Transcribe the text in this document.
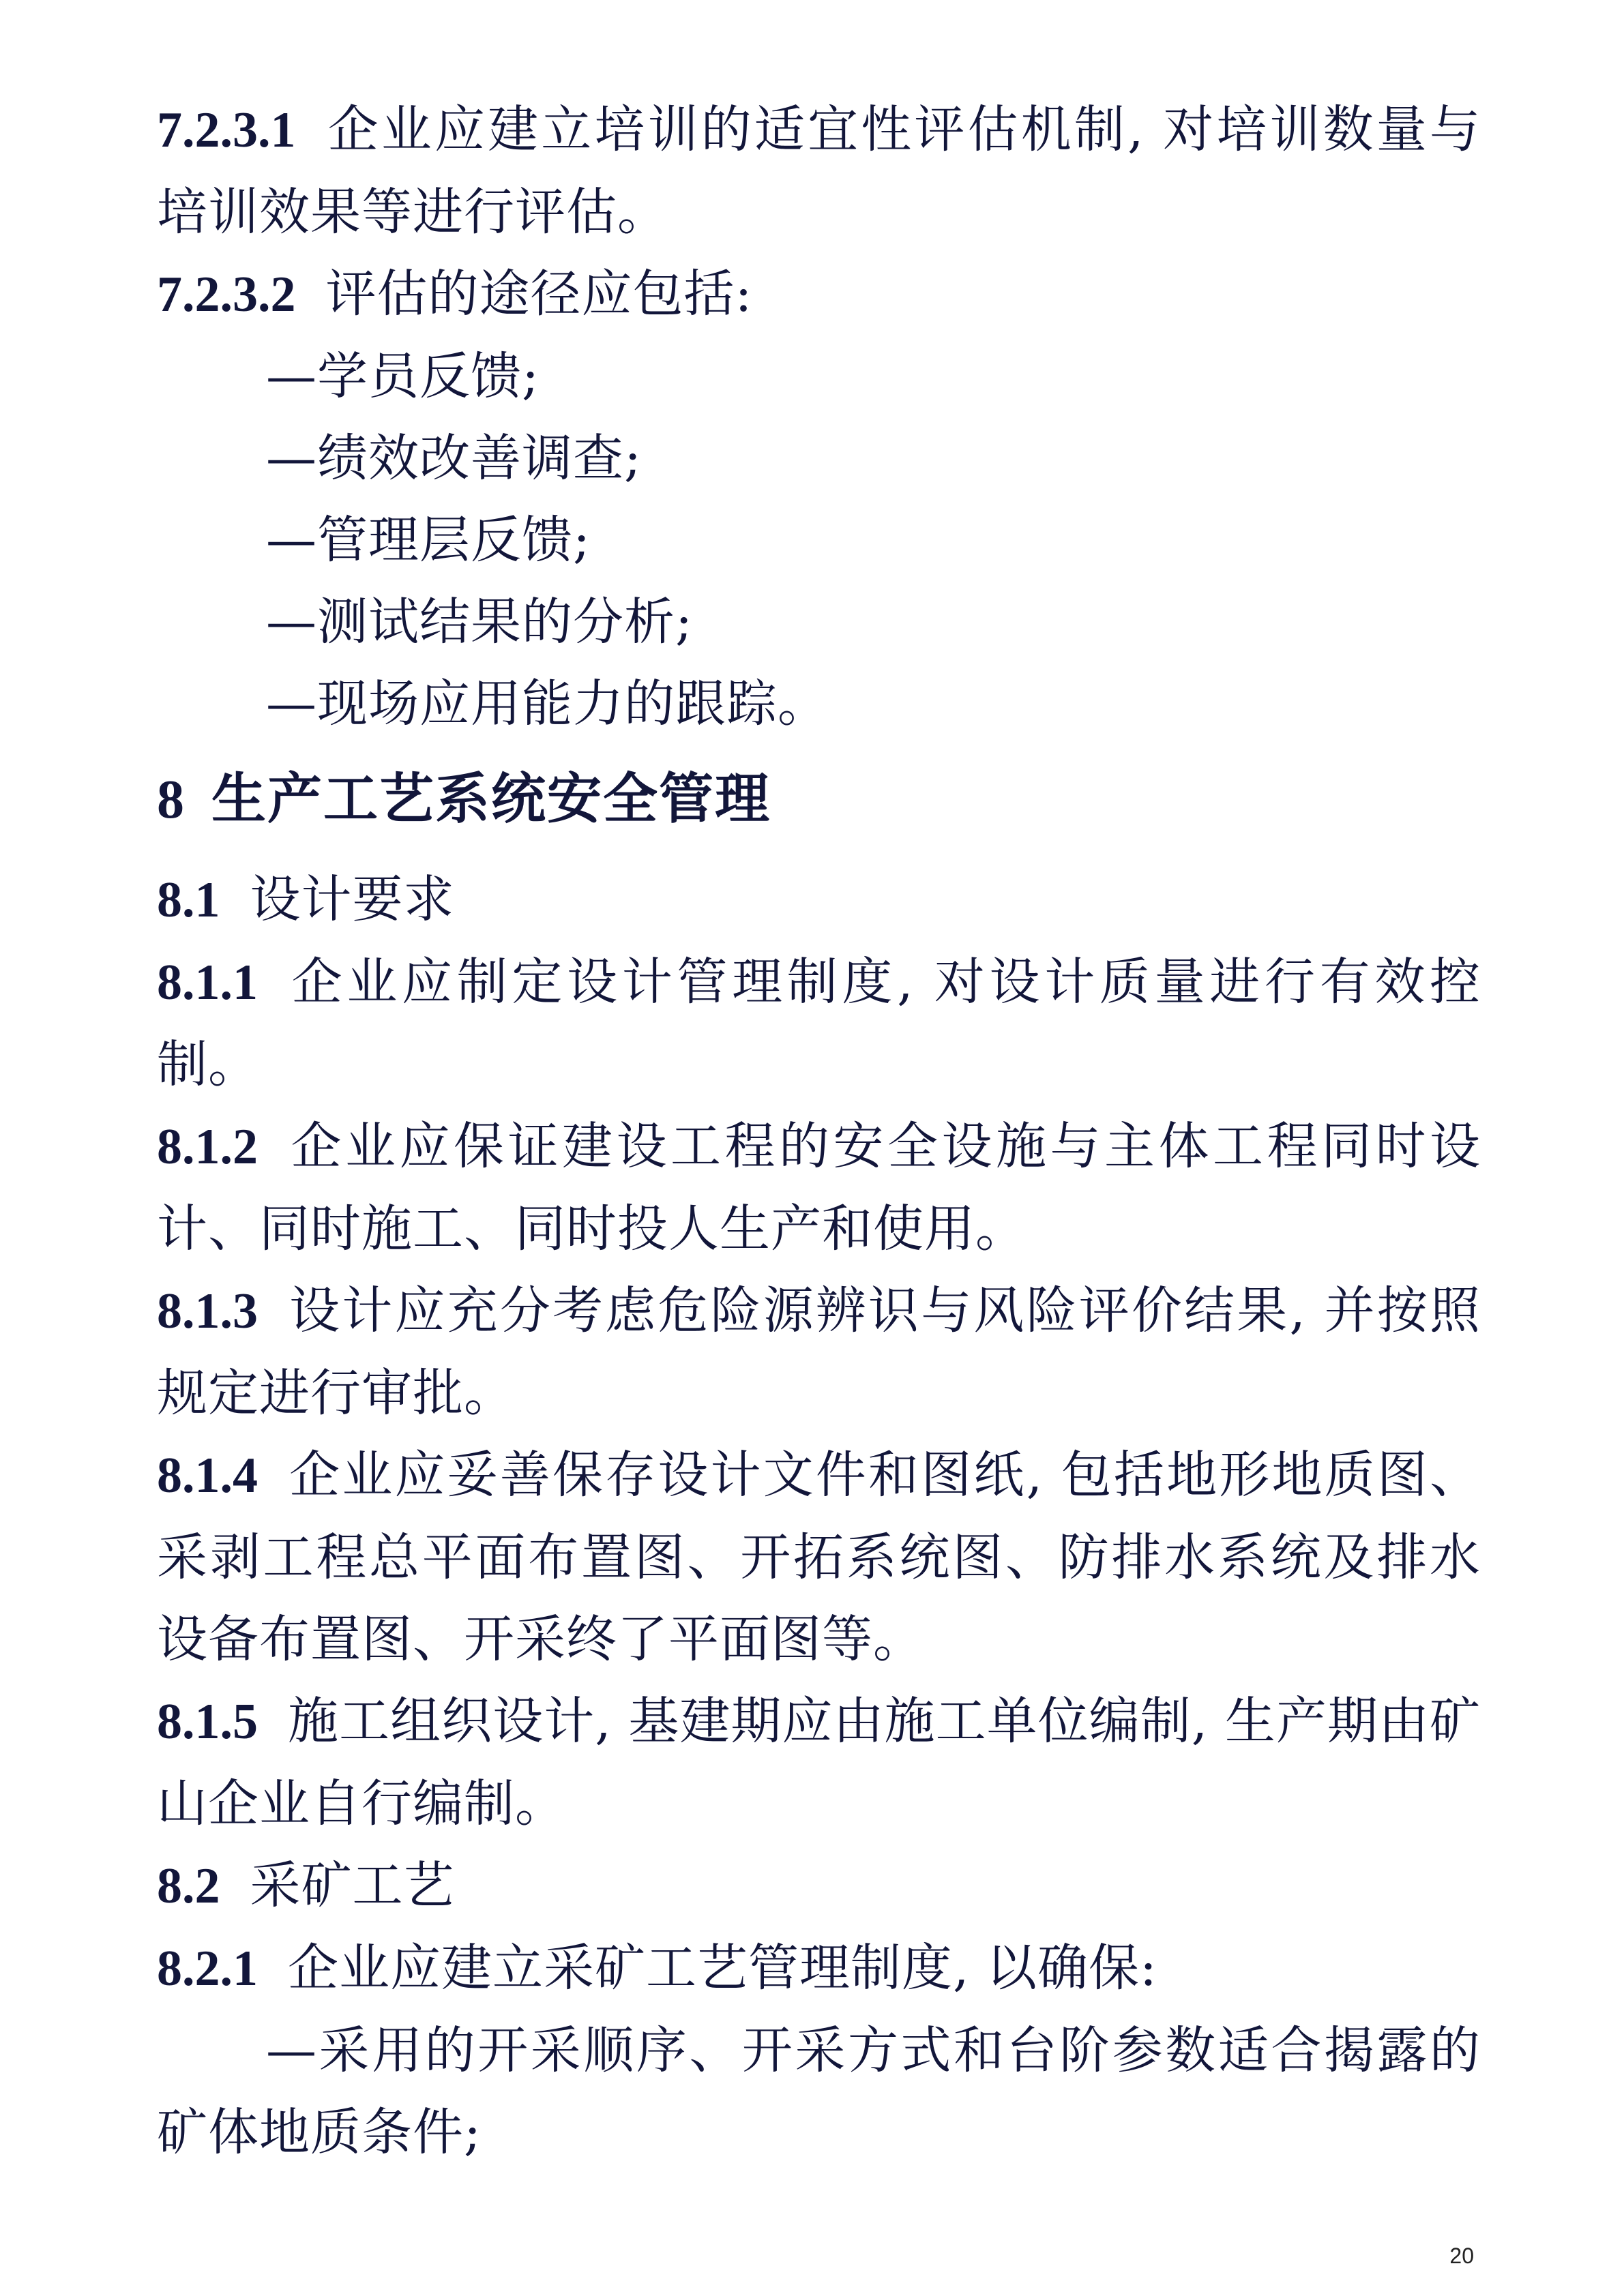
7.2.3.1 企业应建立培训的适宜性评估机制, 对培训数量与培训效果等进行评估。

7.2.3.2 评估的途径应包括:

—学员反馈;

—绩效改善调查;

—管理层反馈;

—测试结果的分析;

—现场应用能力的跟踪。

8 生产工艺系统安全管理

8.1 设计要求

8.1.1 企业应制定设计管理制度, 对设计质量进行有效控制。

8.1.2 企业应保证建设工程的安全设施与主体工程同时设计、同时施工、同时投人生产和使用。

8.1.3 设计应充分考虑危险源辨识与风险评价结果, 并按照规定进行审批。

8.1.4 企业应妥善保存设计文件和图纸, 包括地形地质图、采剥工程总平面布置图、开拓系统图、防排水系统及排水设备布置图、开采终了平面图等。

8.1.5 施工组织设计, 基建期应由施工单位编制, 生产期由矿山企业自行编制。

8.2 采矿工艺

8.2.1 企业应建立采矿工艺管理制度, 以确保:

—采用的开采顺序、开采方式和台阶参数适合揭露的矿体地质条件;

20
